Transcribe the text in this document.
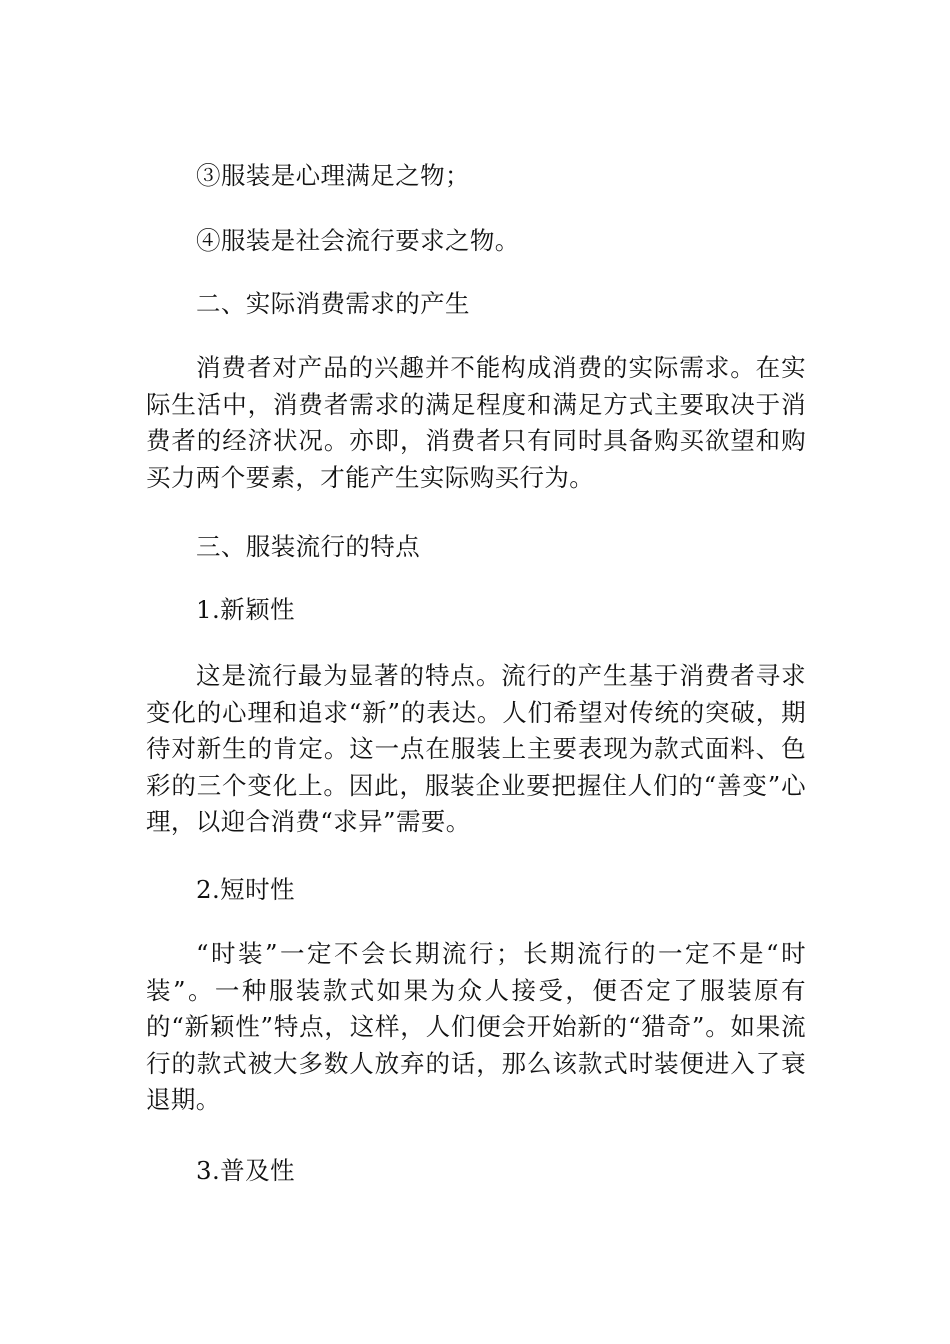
③服装是心理满足之物；

④服装是社会流行要求之物。

二、实际消费需求的产生

消费者对产品的兴趣并不能构成消费的实际需求。在实际生活中，消费者需求的满足程度和满足方式主要取决于消费者的经济状况。亦即，消费者只有同时具备购买欲望和购买力两个要素，才能产生实际购买行为。

三、服装流行的特点

1.新颖性

这是流行最为显著的特点。流行的产生基于消费者寻求变化的心理和追求“新”的表达。人们希望对传统的突破，期待对新生的肯定。这一点在服装上主要表现为款式面料、色彩的三个变化上。因此，服装企业要把握住人们的“善变”心理，以迎合消费“求异”需要。

2.短时性

“时装”一定不会长期流行；长期流行的一定不是“时装”。一种服装款式如果为众人接受，便否定了服装原有的“新颖性”特点，这样，人们便会开始新的“猎奇”。如果流行的款式被大多数人放弃的话，那么该款式时装便进入了衰退期。

3.普及性
